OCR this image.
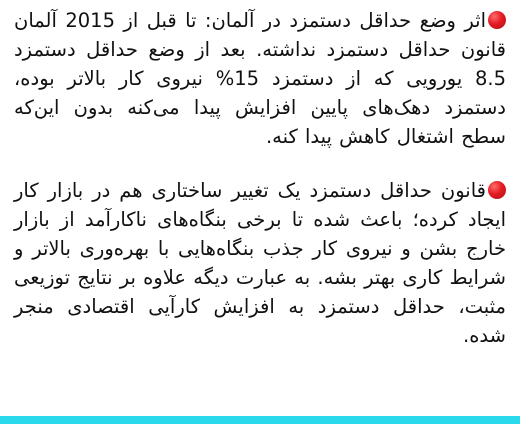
اثر وضع حداقل دستمزد در آلمان: تا قبل از 2015 آلمان قانون حداقل دستمزد نداشته. بعد از وضع حداقل دستمزد 8.5 یورویی که از دستمزد 15% نیروی کار بالاتر بوده، دستمزد دهک‌های پایین افزایش پیدا می‌کنه بدون این‌که سطح اشتغال کاهش پیدا کنه.

قانون حداقل دستمزد یک تغییر ساختاری هم در بازار کار ایجاد کرده؛ باعث شده تا برخی بنگاه‌های ناکارآمد از بازار خارج بشن و نیروی کار جذب بنگاه‌هایی با بهره‌وری بالاتر و شرایط کاری بهتر بشه. به عبارت دیگه علاوه بر نتایج توزیعی مثبت، حداقل دستمزد به افزایش کارآیی اقتصادی منجر شده.
